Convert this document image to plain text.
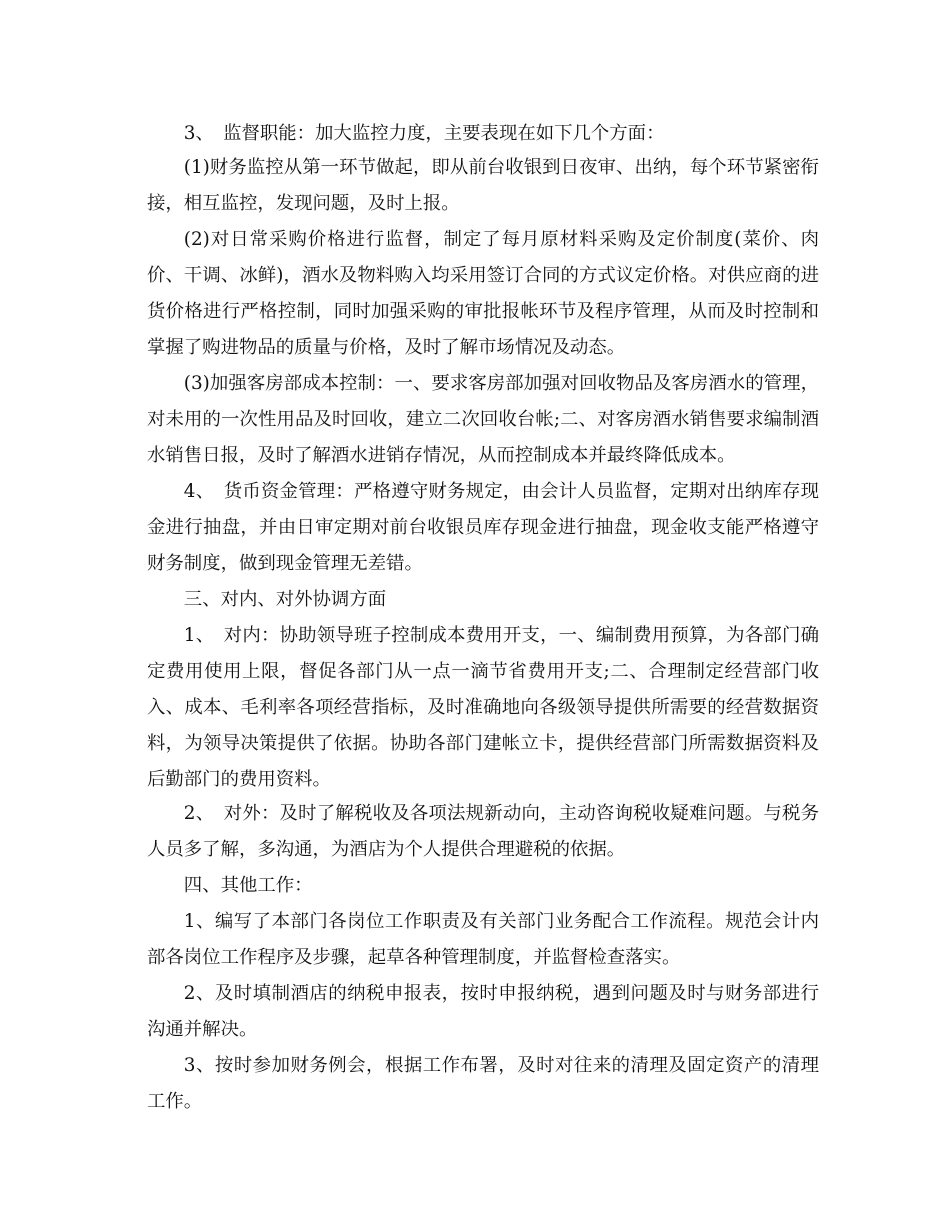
3、　监督职能：加大监控力度，主要表现在如下几个方面：

(1)财务监控从第一环节做起，即从前台收银到日夜审、出纳，每个环节紧密衔接，相互监控，发现问题，及时上报。

(2)对日常采购价格进行监督，制定了每月原材料采购及定价制度(菜价、肉价、干调、冰鲜)，酒水及物料购入均采用签订合同的方式议定价格。对供应商的进货价格进行严格控制，同时加强采购的审批报帐环节及程序管理，从而及时控制和掌握了购进物品的质量与价格，及时了解市场情况及动态。

(3)加强客房部成本控制：一、要求客房部加强对回收物品及客房酒水的管理，对未用的一次性用品及时回收，建立二次回收台帐;二、对客房酒水销售要求编制酒水销售日报，及时了解酒水进销存情况，从而控制成本并最终降低成本。

4、　货币资金管理：严格遵守财务规定，由会计人员监督，定期对出纳库存现金进行抽盘，并由日审定期对前台收银员库存现金进行抽盘，现金收支能严格遵守财务制度，做到现金管理无差错。

三、对内、对外协调方面

1、　对内：协助领导班子控制成本费用开支，一、编制费用预算，为各部门确定费用使用上限，督促各部门从一点一滴节省费用开支;二、合理制定经营部门收入、成本、毛利率各项经营指标，及时准确地向各级领导提供所需要的经营数据资料，为领导决策提供了依据。协助各部门建帐立卡，提供经营部门所需数据资料及后勤部门的费用资料。

2、　对外：及时了解税收及各项法规新动向，主动咨询税收疑难问题。与税务人员多了解，多沟通，为酒店为个人提供合理避税的依据。

四、其他工作：

1、编写了本部门各岗位工作职责及有关部门业务配合工作流程。规范会计内部各岗位工作程序及步骤，起草各种管理制度，并监督检查落实。

2、及时填制酒店的纳税申报表，按时申报纳税，遇到问题及时与财务部进行沟通并解决。

3、按时参加财务例会，根据工作布署，及时对往来的清理及固定资产的清理工作。
